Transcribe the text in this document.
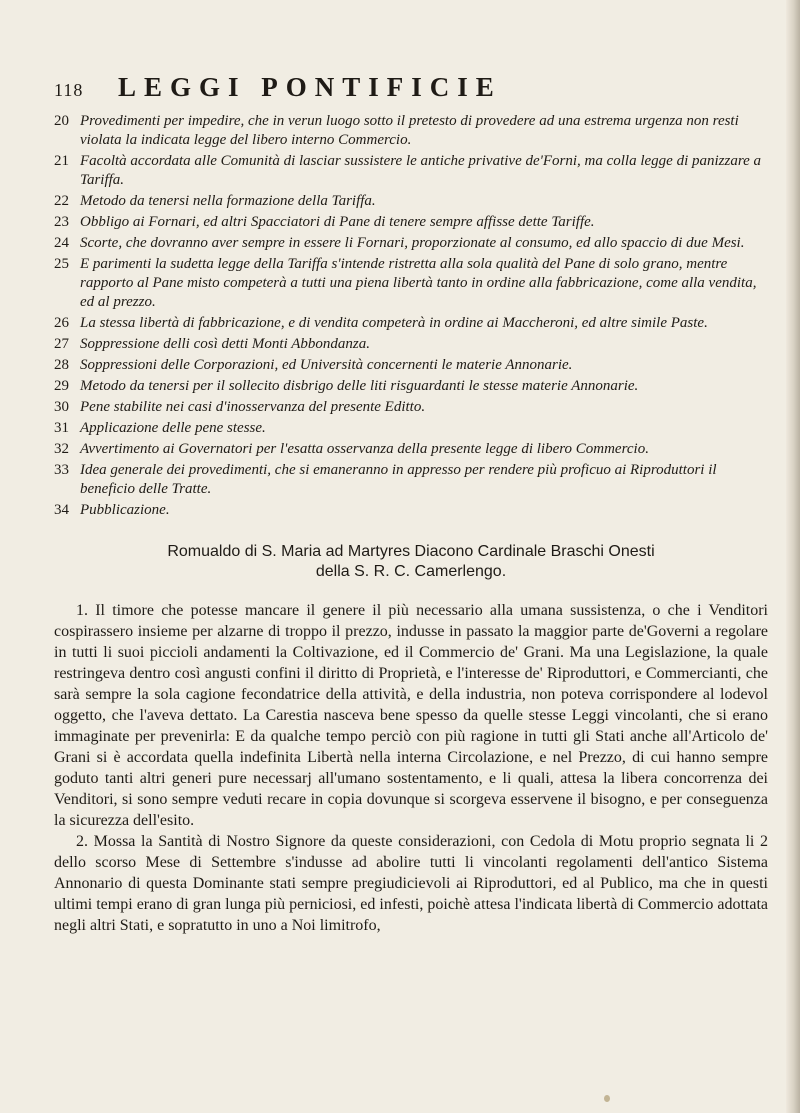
118	LEGGI PONTIFICIE
20 Provedimenti per impedire, che in verun luogo sotto il pretesto di provedere ad una estrema urgenza non resti violata la indicata legge del libero interno Commercio.
21 Facoltà accordata alle Comunità di lasciar sussistere le antiche privative de'Forni, ma colla legge di panizzare a Tariffa.
22 Metodo da tenersi nella formazione della Tariffa.
23 Obbligo ai Fornari, ed altri Spacciatori di Pane di tenere sempre affisse dette Tariffe.
24 Scorte, che dovranno aver sempre in essere li Fornari, proporzionate al consumo, ed allo spaccio di due Mesi.
25 E parimenti la sudetta legge della Tariffa s'intende ristretta alla sola qualità del Pane di solo grano, mentre rapporto al Pane misto competerà a tutti una piena libertà tanto in ordine alla fabbricazione, come alla vendita, ed al prezzo.
26 La stessa libertà di fabbricazione, e di vendita competerà in ordine ai Maccheroni, ed altre simile Paste.
27 Soppressione delli così detti Monti Abbondanza.
28 Soppressioni delle Corporazioni, ed Università concernenti le materie Annonarie.
29 Metodo da tenersi per il sollecito disbrigo delle liti risguardanti le stesse materie Annonarie.
30 Pene stabilite nei casi d'inosservanza del presente Editto.
31 Applicazione delle pene stesse.
32 Avvertimento ai Governatori per l'esatta osservanza della presente legge di libero Commercio.
33 Idea generale dei provedimenti, che si emaneranno in appresso per rendere più proficuo ai Riproduttori il beneficio delle Tratte.
34 Pubblicazione.
Romualdo di S. Maria ad Martyres Diacono Cardinale Braschi Onesti
della S. R. C. Camerlengo.

1. Il timore che potesse mancare il genere il più necessario alla umana sussistenza, o che i Venditori cospirassero insieme per alzarne di troppo il prezzo, indusse in passato la maggior parte de'Governi a regolare in tutti li suoi piccioli andamenti la Coltivazione, ed il Commercio de' Grani. Ma una Legislazione, la quale restringeva dentro così angusti confini il diritto di Proprietà, e l'interesse de' Riproduttori, e Commercianti, che sarà sempre la sola cagione fecondatrice della attività, e della industria, non poteva corrispondere al lodevol oggetto, che l'aveva dettato. La Carestia nasceva bene spesso da quelle stesse Leggi vincolanti, che si erano immaginate per prevenirla: E da qualche tempo perciò con più ragione in tutti gli Stati anche all'Articolo de' Grani si è accordata quella indefinita Libertà nella interna Circolazione, e nel Prezzo, di cui hanno sempre goduto tanti altri generi pure necessarj all'umano sostentamento, e li quali, attesa la libera concorrenza dei Venditori, si sono sempre veduti recare in copia dovunque si scorgeva esservene il bisogno, e per conseguenza la sicurezza dell'esito.

2. Mossa la Santità di Nostro Signore da queste considerazioni, con Cedola di Motu proprio segnata li 2 dello scorso Mese di Settembre s'indusse ad abolire tutti li vincolanti regolamenti dell'antico Sistema Annonario di questa Dominante stati sempre pregiudicievoli ai Riproduttori, ed al Publico, ma che in questi ultimi tempi erano di gran lunga più perniciosi, ed infesti, poichè attesa l'indicata libertà di Commercio adottata negli altri Stati, e sopratutto in uno a Noi limitrofo,
